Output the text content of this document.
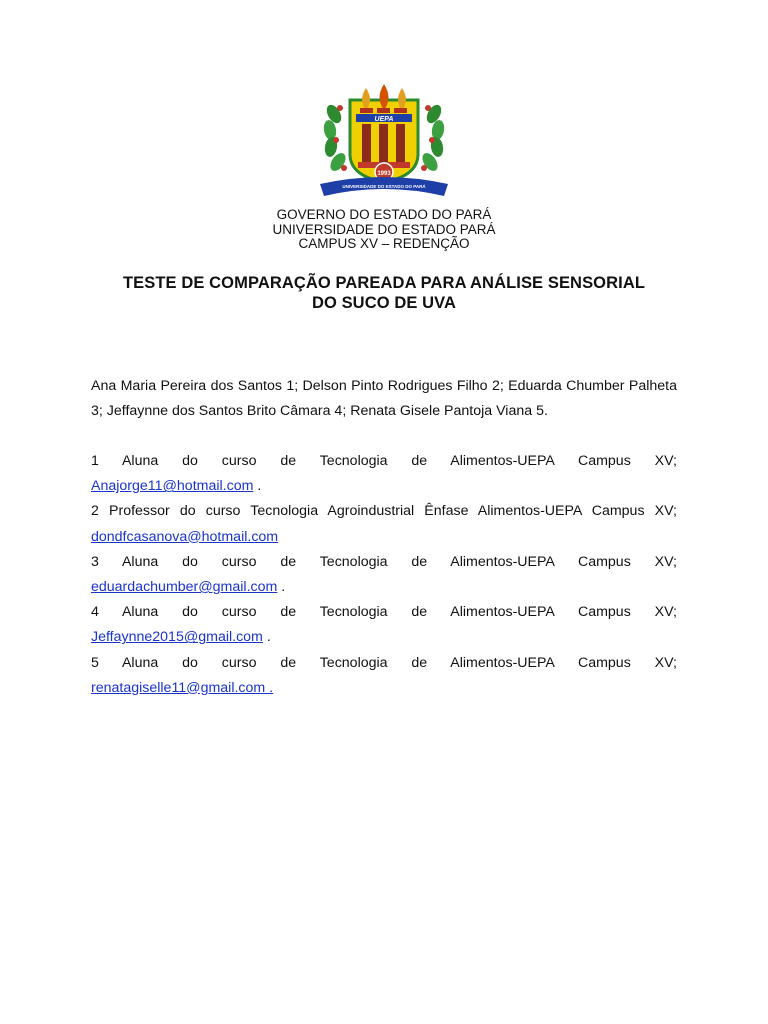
UEPA
1993
UNIVERSIDADE DO ESTADO DO PARÁ
GOVERNO DO ESTADO DO PARÁ
UNIVERSIDADE DO ESTADO PARÁ
CAMPUS XV – REDENÇÃO
TESTE DE COMPARAÇÃO PAREADA PARA ANÁLISE SENSORIAL
DO SUCO DE UVA
Ana Maria Pereira dos Santos 1; Delson Pinto Rodrigues Filho 2; Eduarda Chumber Palheta 3; Jeffaynne dos Santos Brito Câmara 4; Renata Gisele Pantoja Viana 5.
1 Aluna do curso de Tecnologia de Alimentos-UEPA Campus XV;
Anajorge11@hotmail.com .
2 Professor do curso Tecnologia Agroindustrial Ênfase Alimentos-UEPA Campus XV; dondfcasanova@hotmail.com
3 Aluna do curso de Tecnologia de Alimentos-UEPA Campus XV;
eduardachumber@gmail.com .
4 Aluna do curso de Tecnologia de Alimentos-UEPA Campus XV;
Jeffaynne2015@gmail.com .
5 Aluna do curso de Tecnologia de Alimentos-UEPA Campus XV;
renatagiselle11@gmail.com .
